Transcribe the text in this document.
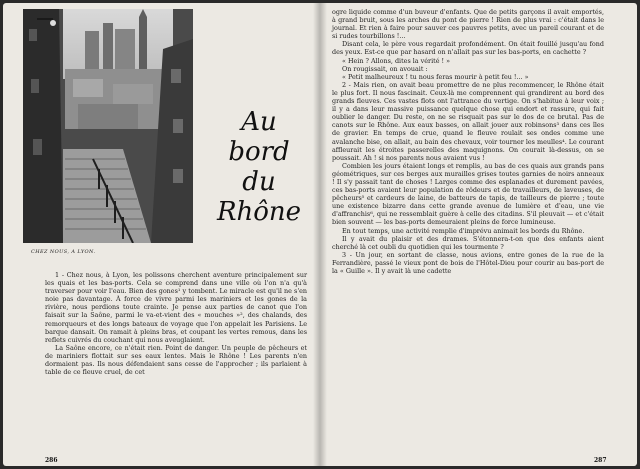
CHEZ NOUS, A LYON.
Au bord
du Rhône

1 - Chez nous, à Lyon, les polissons cherchent aventure principalement sur les quais et les bas-ports. Cela se comprend dans une ville où l'on n'a qu'à traverser pour voir l'eau. Bien des gones¹ y tombent. Le miracle est qu'il ne s'en noie pas davantage. À force de vivre parmi les mariniers et les gones de la rivière, nous perdions toute crainte. Je pense aux parties de canot que l'on faisait sur la Saône, parmi le va-et-vient des « mouches »², des chalands, des remorqueurs et des longs bateaux de voyage que l'on appelait les Parisiens. Le barque dansait. On ramait à pleins bras, et coupant les vertes remous, dans les reflets cuivrés du couchant qui nous aveuglaient.

La Saône encore, ce n'était rien. Point de danger. Un peuple de pêcheurs et de mariniers flottait sur ses eaux lentes. Mais le Rhône ! Les parents n'en dormaient pas. Ils nous défendaient sans cesse de l'approcher ; ils parlaient à table de ce fleuve cruel, de cet

286

ogre liquide comme d'un buveur d'enfants. Que de petits garçons il avait emportés, à grand bruit, sous les arches du pont de pierre ! Rien de plus vrai : c'était dans le journal. Et rien à faire pour sauver ces pauvres petits, avec un pareil courant et de si rudes tourbillons !...

Disant cela, le père vous regardait profondément. On était fouillé jusqu'au fond des yeux. Est-ce que par hasard on n'allait pas sur les bas-ports, en cachette ?

« Hein ? Allons, dites la vérité ! »

On rougissait, on avouait :

« Petit malheureux ! tu nous feras mourir à petit feu !... »

2 - Mais rien, on avait beau promettre de ne plus recommencer, le Rhône était le plus fort. Il nous fascinait. Ceux-là me comprennent qui grandirent au bord des grands fleuves. Ces vastes flots ont l'attrance du vertige. On s'habitue à leur voix ; il y a dans leur massive puissance quelque chose qui endort et rassure, qui fait oublier le danger. Du reste, on ne se risquait pas sur le dos de ce brutal. Pas de canots sur le Rhône. Aux eaux basses, on allait jouer aux robinsons³ dans ces îles de gravier. En temps de crue, quand le fleuve roulait ses ondes comme une avalanche bise, on allait, au bain des chevaux, voir tourner les meulles⁴. Le courant affleurait les étroites passerelles des maquignons. On courait là-dessus, on se poussait. Ah ! si nos parents nous avaient vus !

Combien les jours étaient longs et remplis, au bas de ces quais aux grands pans géométriques, sur ces berges aux murailles grises toutes garnies de noirs anneaux ! Il s'y passait tant de choses ! Larges comme des esplanades et durement pavées, ces bas-ports avaient leur population de rôdeurs et de travailleurs, de laveuses, de pêcheurs⁵ et cardeurs de laine, de batteurs de tapis, de tailleurs de pierre ; toute une existence bizarre dans cette grande avenue de lumière et d'eau, une vie d'affranchis⁶, qui ne ressemblait guère à celle des citadins. S'il pleuvait — et c'était bien souvent — les bas-ports demeuraient pleins de force lumineuse.

En tout temps, une activité remplie d'imprévu animait les bords du Rhône.

Il y avait du plaisir et des drames. S'étonnera-t-on que des enfants aient cherché là cet oubli du quotidien qui les tourmente ?

3 - Un jour, en sortant de classe, nous avions, entre gones de la rue de la Ferrandière, passé le vieux pont de bois de l'Hôtel-Dieu pour courir au bas-port de la « Guille ». Il y avait là une cadette

287
